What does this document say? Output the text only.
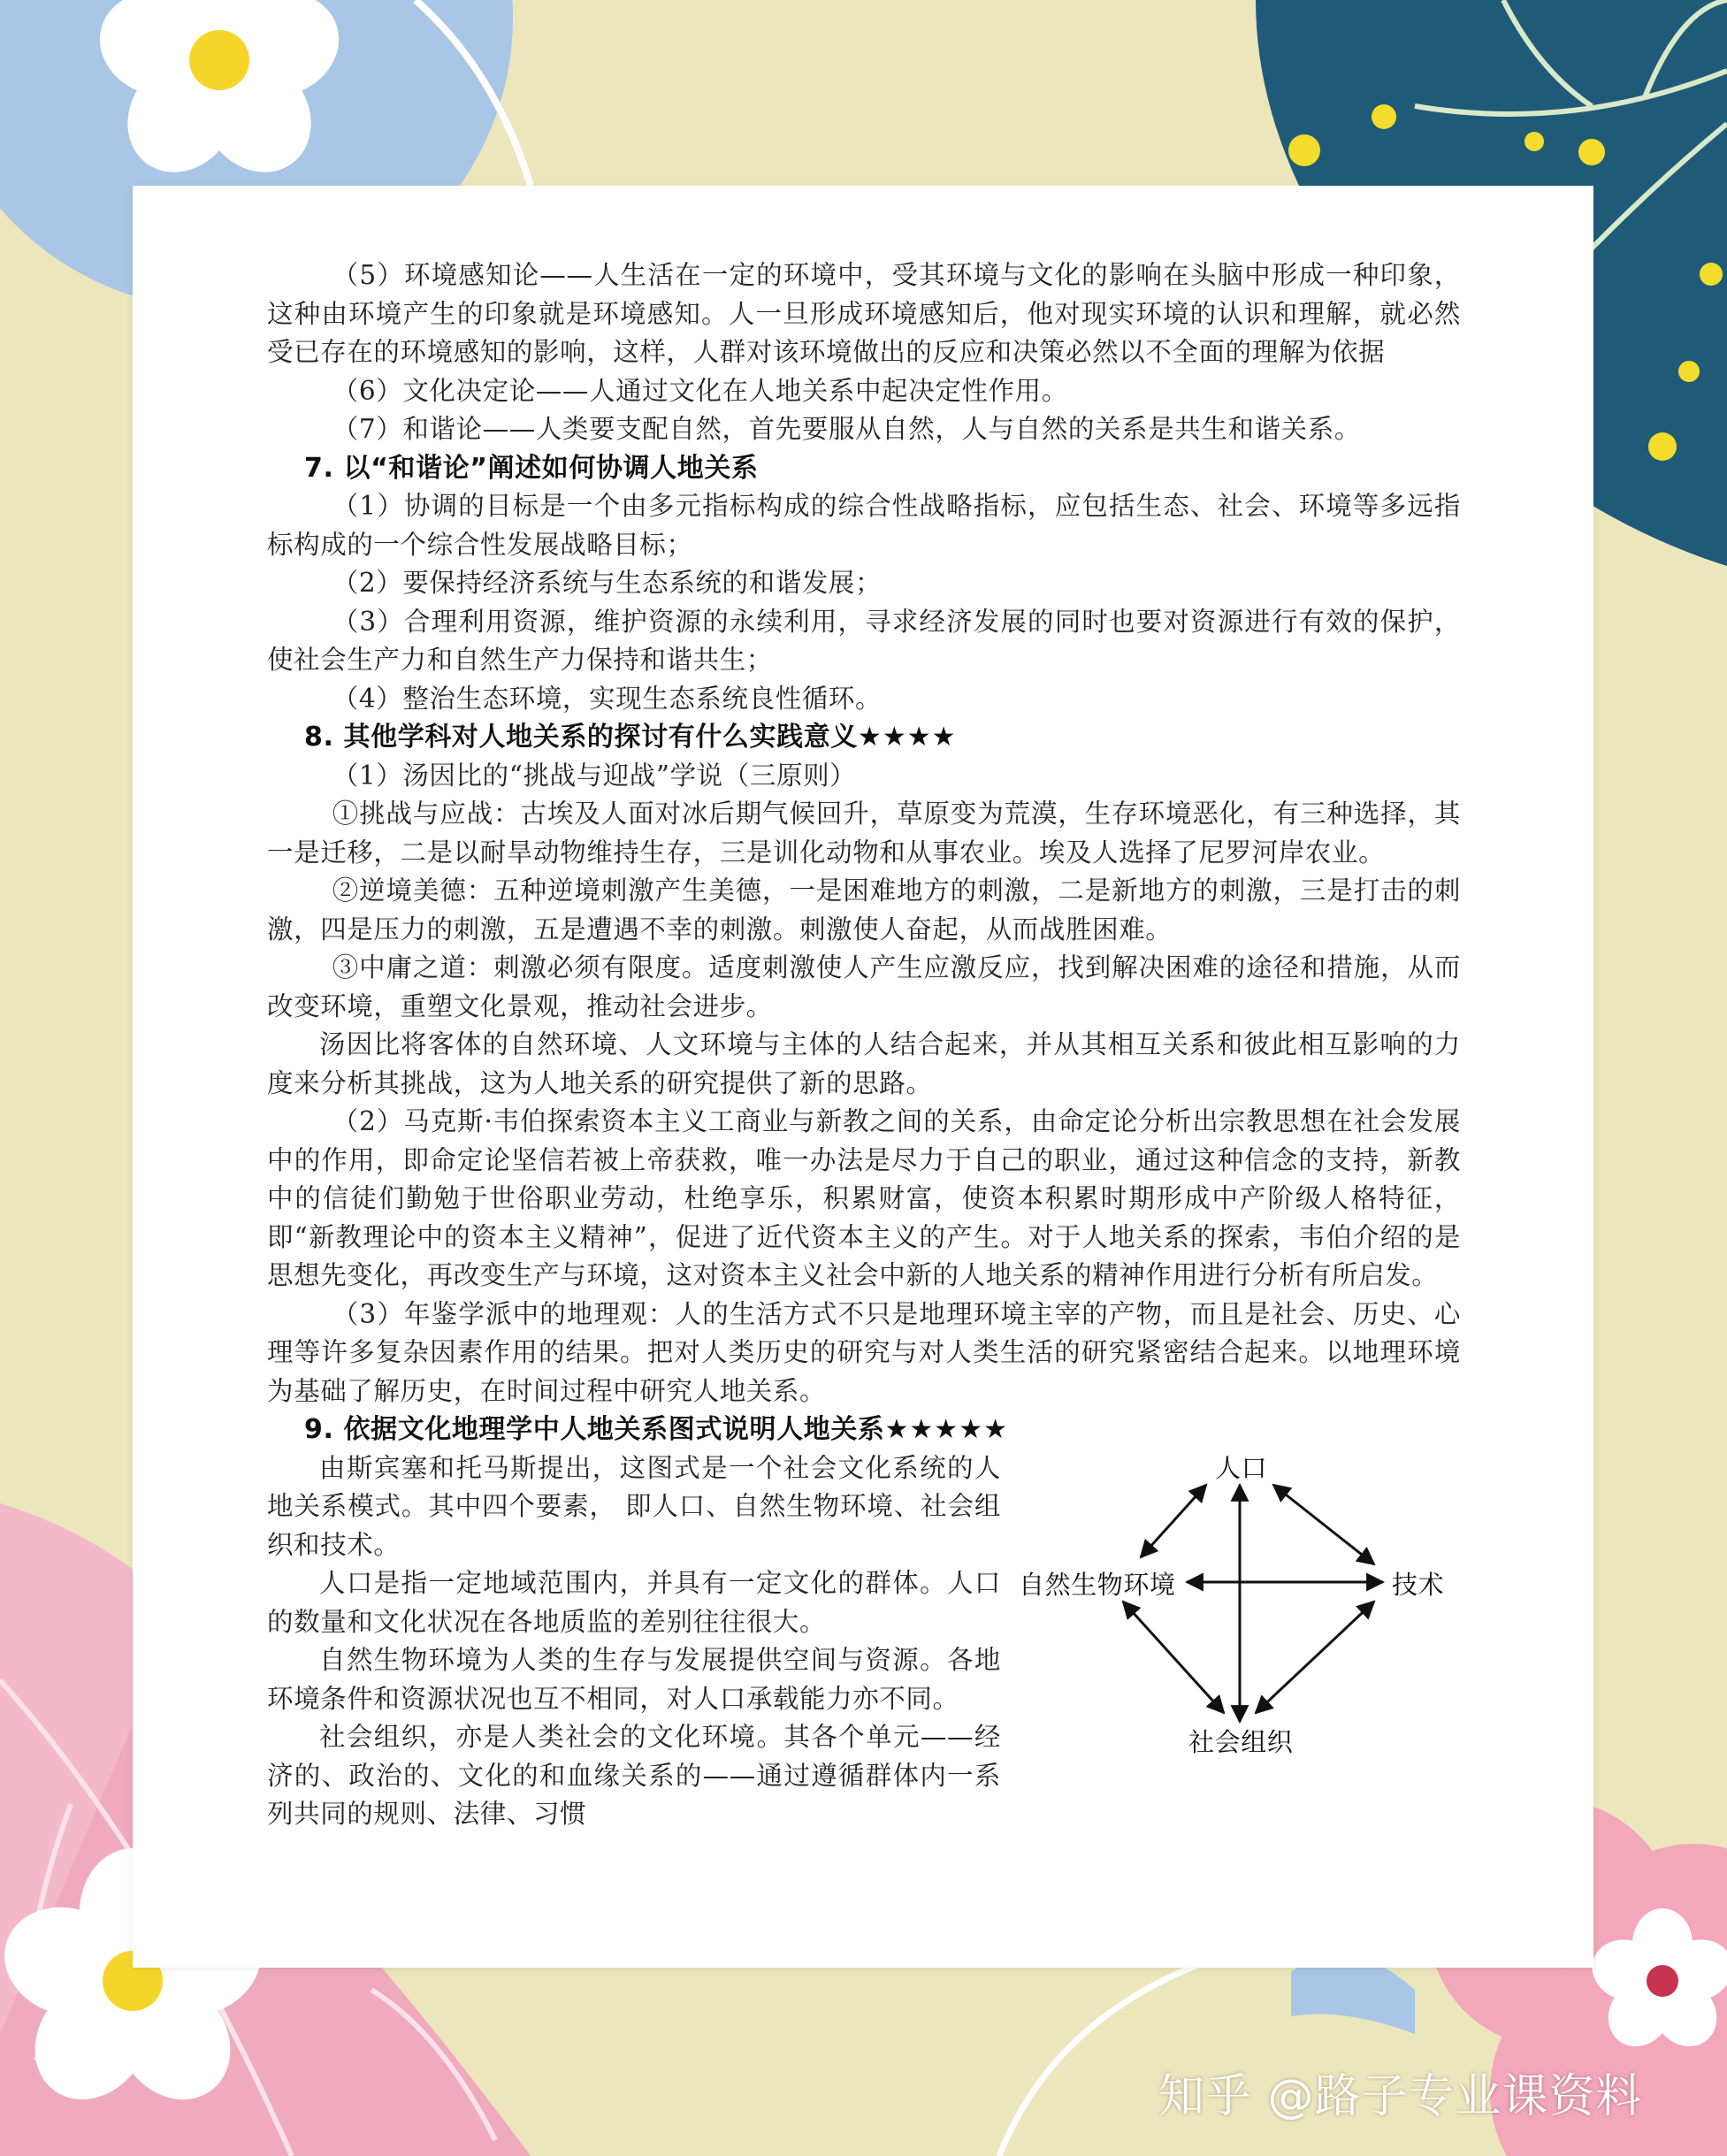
（5）环境感知论——人生活在一定的环境中，受其环境与文化的影响在头脑中形成一种印象，这种由环境产生的印象就是环境感知。人一旦形成环境感知后，他对现实环境的认识和理解，就必然受已存在的环境感知的影响，这样，人群对该环境做出的反应和决策必然以不全面的理解为依据

（6）文化决定论——人通过文化在人地关系中起决定性作用。

（7）和谐论——人类要支配自然，首先要服从自然，人与自然的关系是共生和谐关系。

7. 以“和谐论”阐述如何协调人地关系

（1）协调的目标是一个由多元指标构成的综合性战略指标，应包括生态、社会、环境等多远指标构成的一个综合性发展战略目标；

（2）要保持经济系统与生态系统的和谐发展；

（3）合理利用资源，维护资源的永续利用，寻求经济发展的同时也要对资源进行有效的保护，使社会生产力和自然生产力保持和谐共生；

（4）整治生态环境，实现生态系统良性循环。

8. 其他学科对人地关系的探讨有什么实践意义★★★★

（1）汤因比的“挑战与迎战”学说（三原则）

①挑战与应战：古埃及人面对冰后期气候回升，草原变为荒漠，生存环境恶化，有三种选择，其一是迁移，二是以耐旱动物维持生存，三是训化动物和从事农业。埃及人选择了尼罗河岸农业。

②逆境美德：五种逆境刺激产生美德，一是困难地方的刺激，二是新地方的刺激，三是打击的刺激，四是压力的刺激，五是遭遇不幸的刺激。刺激使人奋起，从而战胜困难。

③中庸之道：刺激必须有限度。适度刺激使人产生应激反应，找到解决困难的途径和措施，从而改变环境，重塑文化景观，推动社会进步。

汤因比将客体的自然环境、人文环境与主体的人结合起来，并从其相互关系和彼此相互影响的力度来分析其挑战，这为人地关系的研究提供了新的思路。

（2）马克斯·韦伯探索资本主义工商业与新教之间的关系，由命定论分析出宗教思想在社会发展中的作用，即命定论坚信若被上帝获救，唯一办法是尽力于自己的职业，通过这种信念的支持，新教中的信徒们勤勉于世俗职业劳动，杜绝享乐，积累财富，使资本积累时期形成中产阶级人格特征，即“新教理论中的资本主义精神”，促进了近代资本主义的产生。对于人地关系的探索，韦伯介绍的是思想先变化，再改变生产与环境，这对资本主义社会中新的人地关系的精神作用进行分析有所启发。

（3）年鉴学派中的地理观：人的生活方式不只是地理环境主宰的产物，而且是社会、历史、心理等许多复杂因素作用的结果。把对人类历史的研究与对人类生活的研究紧密结合起来。以地理环境为基础了解历史，在时间过程中研究人地关系。

9. 依据文化地理学中人地关系图式说明人地关系★★★★★
人口
自然生物环境	技术
社会组织

由斯宾塞和托马斯提出，这图式是一个社会文化系统的人地关系模式。其中四个要素， 即人口、自然生物环境、社会组织和技术。

人口是指一定地域范围内，并具有一定文化的群体。人口的数量和文化状况在各地质监的差别往往很大。

自然生物环境为人类的生存与发展提供空间与资源。各地环境条件和资源状况也互不相同，对人口承载能力亦不同。

社会组织，亦是人类社会的文化环境。其各个单元——经济的、政治的、文化的和血缘关系的——通过遵循群体内一系列共同的规则、法律、习惯

知乎 @路子专业课资料
